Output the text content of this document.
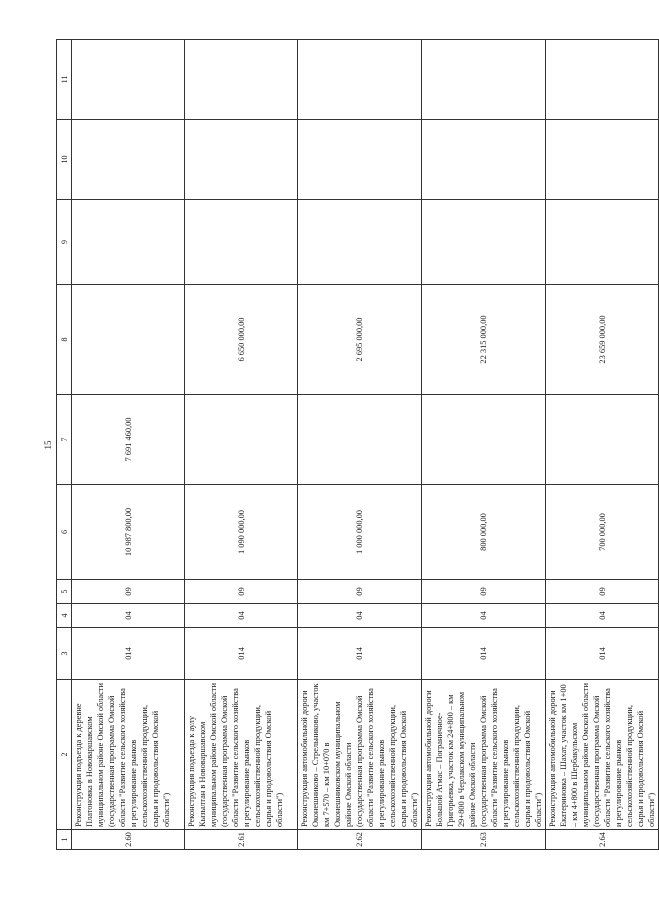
15
1	2	3	4	5	6	7	8	9	10	11
2.60	Реконструкция подъезда к деревне Платоновка в Нововаршавском муниципальном районе Омской области (государственная программа Омской области "Развитие сельского хозяйства и регулирование рынков сельскохозяйственной продукции, сырья и продовольствия Омской области")	014	04	09	10 987 800,00	7 691 460,00				
2.61	Реконструкция подъезда к аулу Кызылтан в Нововаршавском муниципальном районе Омской области (государственная программа Омской области "Развитие сельского хозяйства и регулирование рынков сельскохозяйственной продукции, сырья и продовольствия Омской области")	014	04	09	1 090 000,00		6 650 000,00			
2.62	Реконструкция автомобильной дороги Оконешниково – Стрельниково, участок км 7+570 – км 10+070 в Оконешниковском муниципальном районе Омской области (государственная программа Омской области "Развитие сельского хозяйства и регулирование рынков сельскохозяйственной продукции, сырья и продовольствия Омской области")	014	04	09	1 000 000,00		2 695 000,00			
2.63	Реконструкция автомобильной дороги Большой Атмас – Пограничное-Григорьевка, участок км 24+800 – км 29+800 в Черлакском муниципальном районе Омской области (государственная программа Омской области "Развитие сельского хозяйства и регулирование рынков сельскохозяйственной продукции, сырья и продовольствия Омской области")	014	04	09	800 000,00		22 315 000,00			
2.64	Реконструкция автомобильной дороги Екатериновка – Шахат, участок км 1+00 – км 4+800 в Шербакульском муниципальном районе Омской области (государственная программа Омской области "Развитие сельского хозяйства и регулирование рынков сельскохозяйственной продукции, сырья и продовольствия Омской области")	014	04	09	700 000,00		23 659 000,00			
